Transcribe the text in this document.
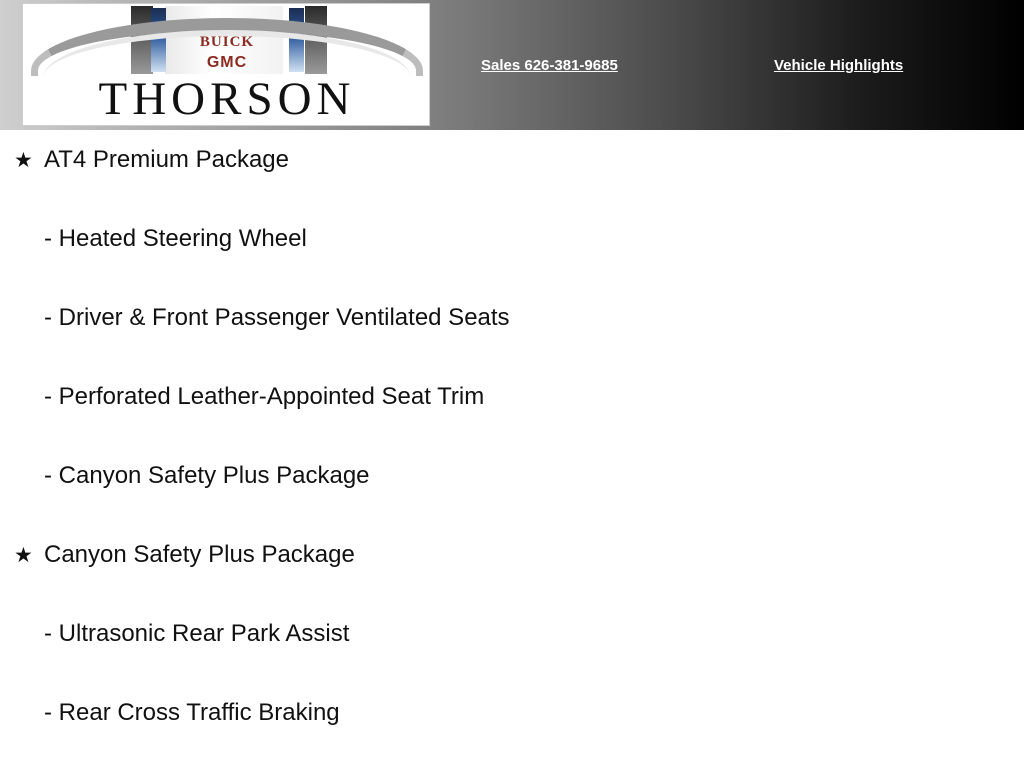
BUICK
GMC
THORSON
Sales 626-381-9685	Vehicle Highlights
★ AT4 Premium Package
- Heated Steering Wheel
- Driver & Front Passenger Ventilated Seats
- Perforated Leather-Appointed Seat Trim
- Canyon Safety Plus Package
★ Canyon Safety Plus Package
- Ultrasonic Rear Park Assist
- Rear Cross Traffic Braking
